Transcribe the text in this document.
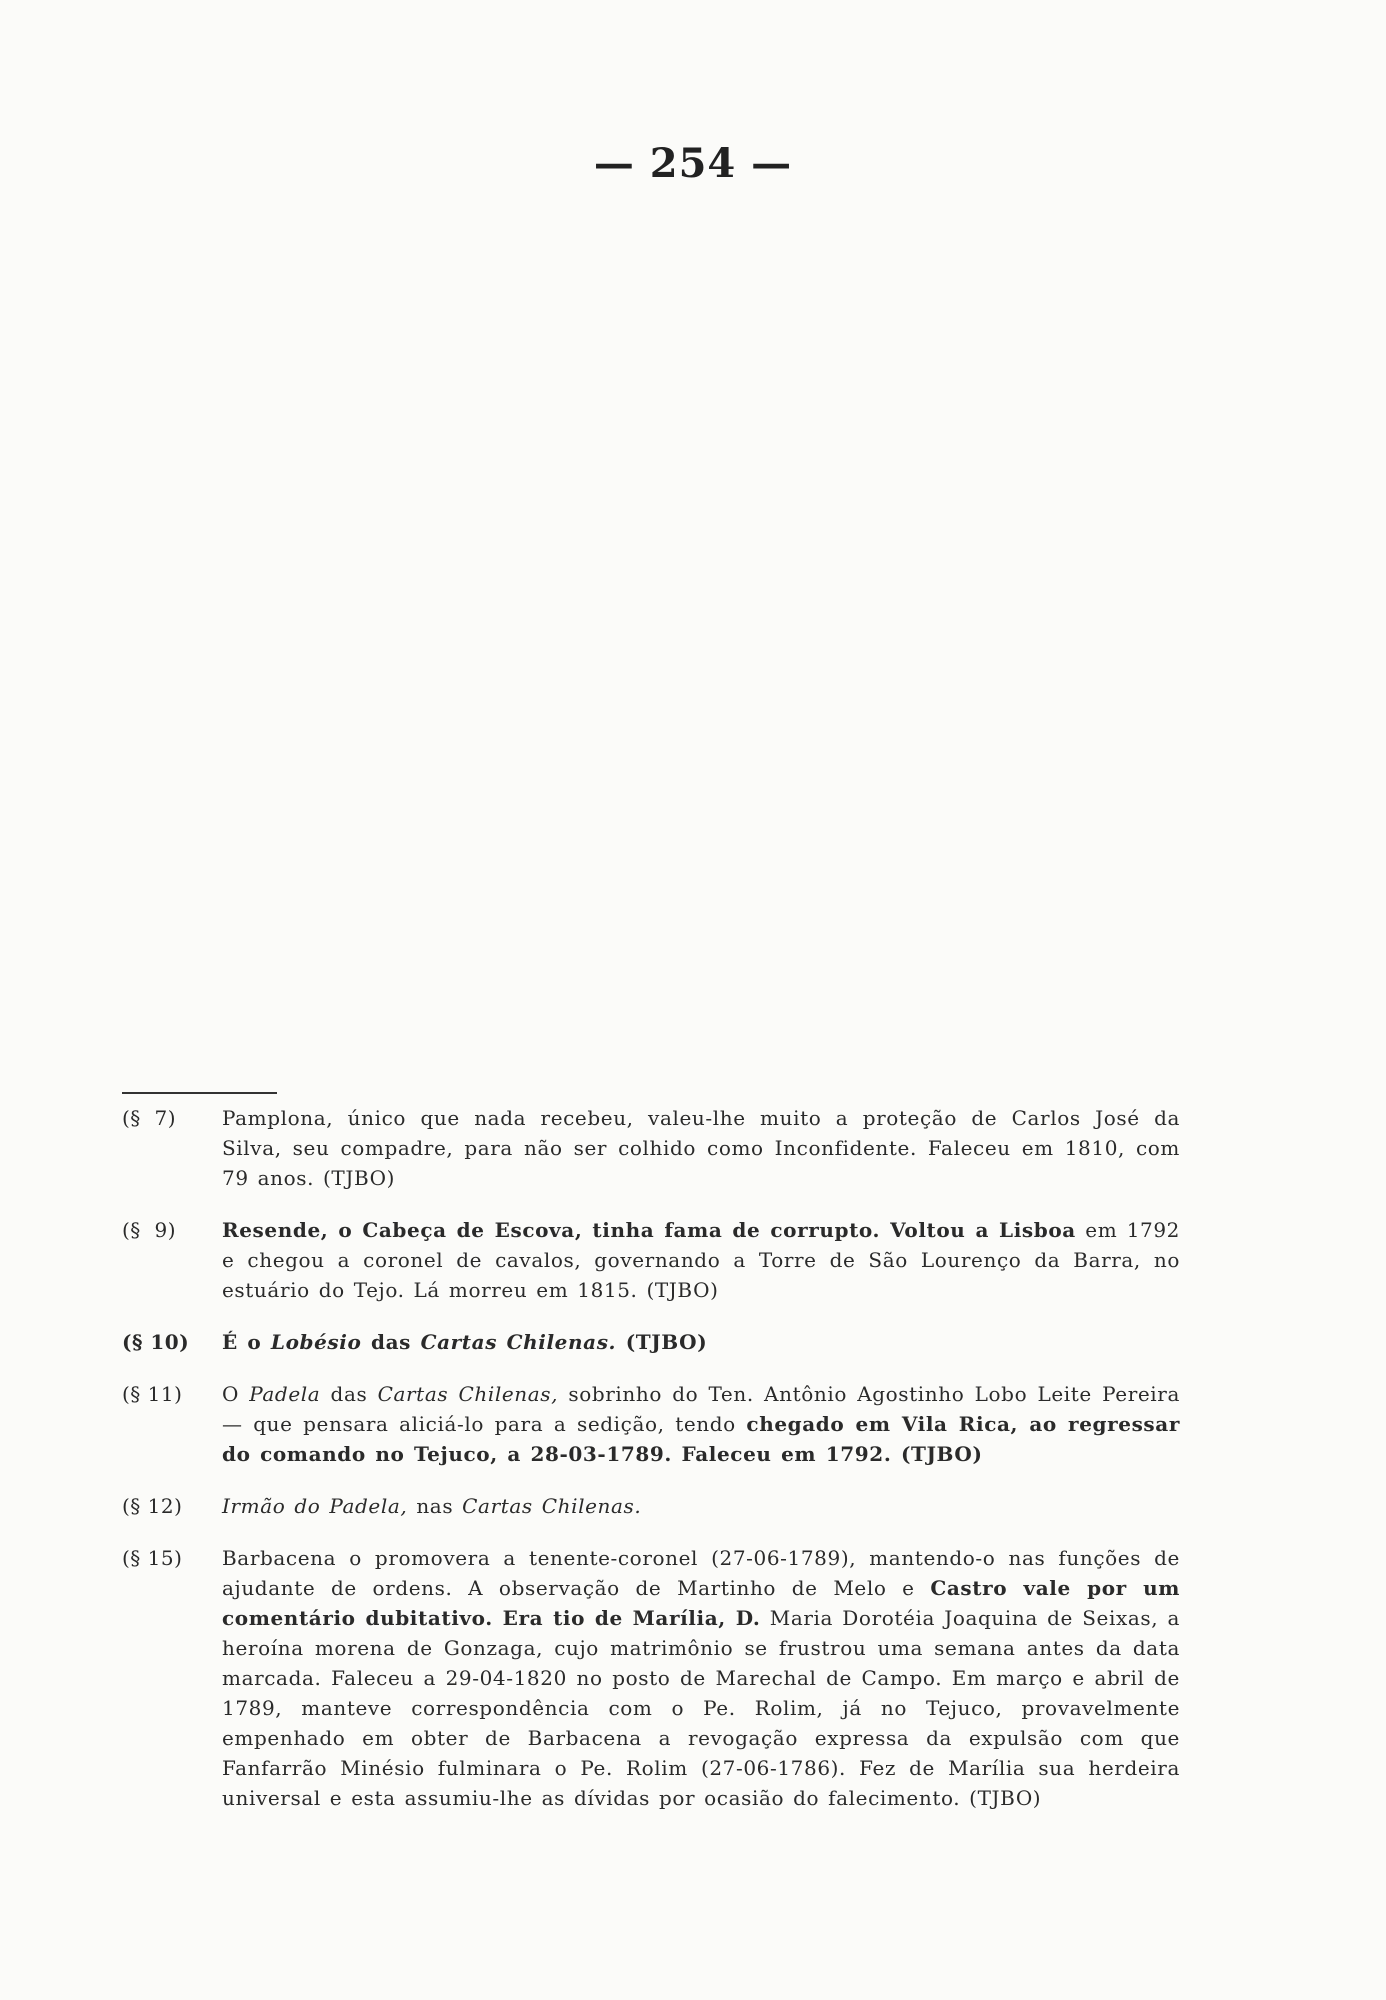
— 254 —
(§  7)	Pamplona, único que nada recebeu, valeu-lhe muito a proteção de Carlos José da Silva, seu compadre, para não ser colhido como Inconfidente. Faleceu em 1810, com 79 anos. (TJBO)

(§  9)	Resende, o Cabeça de Escova, tinha fama de corrupto. Voltou a Lisboa em 1792 e chegou a coronel de cavalos, governando a Torre de São Lourenço da Barra, no estuário do Tejo. Lá morreu em 1815. (TJBO)

(§ 10)	É o Lobésio das Cartas Chilenas. (TJBO)

(§ 11)	O Padela das Cartas Chilenas, sobrinho do Ten. Antônio Agostinho Lobo Leite Pereira — que pensara aliciá-lo para a sedição, tendo chegado em Vila Rica, ao regressar do comando no Tejuco, a 28-03-1789. Faleceu em 1792. (TJBO)

(§ 12)	Irmão do Padela, nas Cartas Chilenas.

(§ 15)	Barbacena o promovera a tenente-coronel (27-06-1789), mantendo-o nas funções de ajudante de ordens. A observação de Martinho de Melo e Castro vale por um comentário dubitativo. Era tio de Marília, D. Maria Dorotéia Joaquina de Seixas, a heroína morena de Gonzaga, cujo matrimônio se frustrou uma semana antes da data marcada. Faleceu a 29-04-1820 no posto de Marechal de Campo. Em março e abril de 1789, manteve correspondência com o Pe. Rolim, já no Tejuco, provavelmente empenhado em obter de Barbacena a revogação expressa da expulsão com que Fanfarrão Minésio fulminara o Pe. Rolim (27-06-1786). Fez de Marília sua herdeira universal e esta assumiu-lhe as dívidas por ocasião do falecimento. (TJBO)
